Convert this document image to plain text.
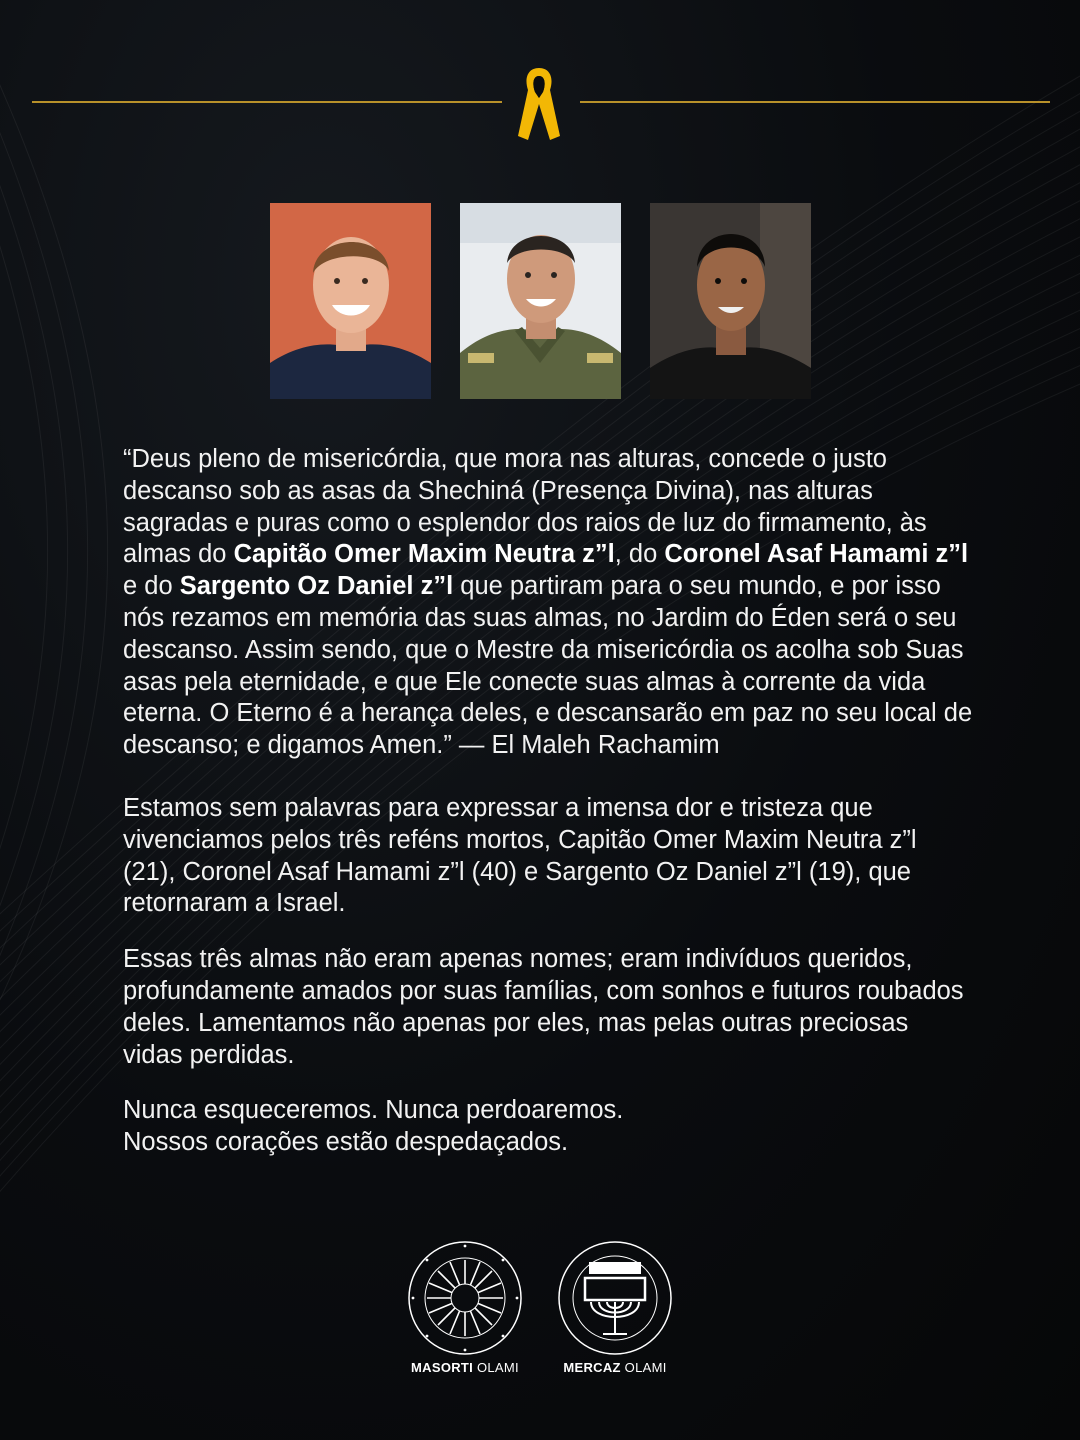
“Deus pleno de misericórdia, que mora nas alturas, concede o justo descanso sob as asas da Shechiná (Presença Divina), nas alturas sagradas e puras como o esplendor dos raios de luz do firmamento, às almas do Capitão Omer Maxim Neutra z”l, do Coronel Asaf Hamami z”l e do Sargento Oz Daniel z”l que partiram para o seu mundo, e por isso nós rezamos em memória das suas almas, no Jardim do Éden será o seu descanso. Assim sendo, que o Mestre da misericórdia os acolha sob Suas asas pela eternidade, e que Ele conecte suas almas à corrente da vida eterna. O Eterno é a herança deles, e descansarão em paz no seu local de descanso; e digamos Amen.” — El Maleh Rachamim

Estamos sem palavras para expressar a imensa dor e tristeza que vivenciamos pelos três reféns mortos, Capitão Omer Maxim Neutra z”l (21), Coronel Asaf Hamami z”l (40) e Sargento Oz Daniel z”l (19), que retornaram a Israel.

Essas três almas não eram apenas nomes; eram indivíduos queridos, profundamente amados por suas famílias, com sonhos e futuros roubados deles. Lamentamos não apenas por eles, mas pelas outras preciosas vidas perdidas.

Nunca esqueceremos. Nunca perdoaremos.
Nossos corações estão despedaçados.

MASORTI OLAMI	MERCAZ OLAMI
